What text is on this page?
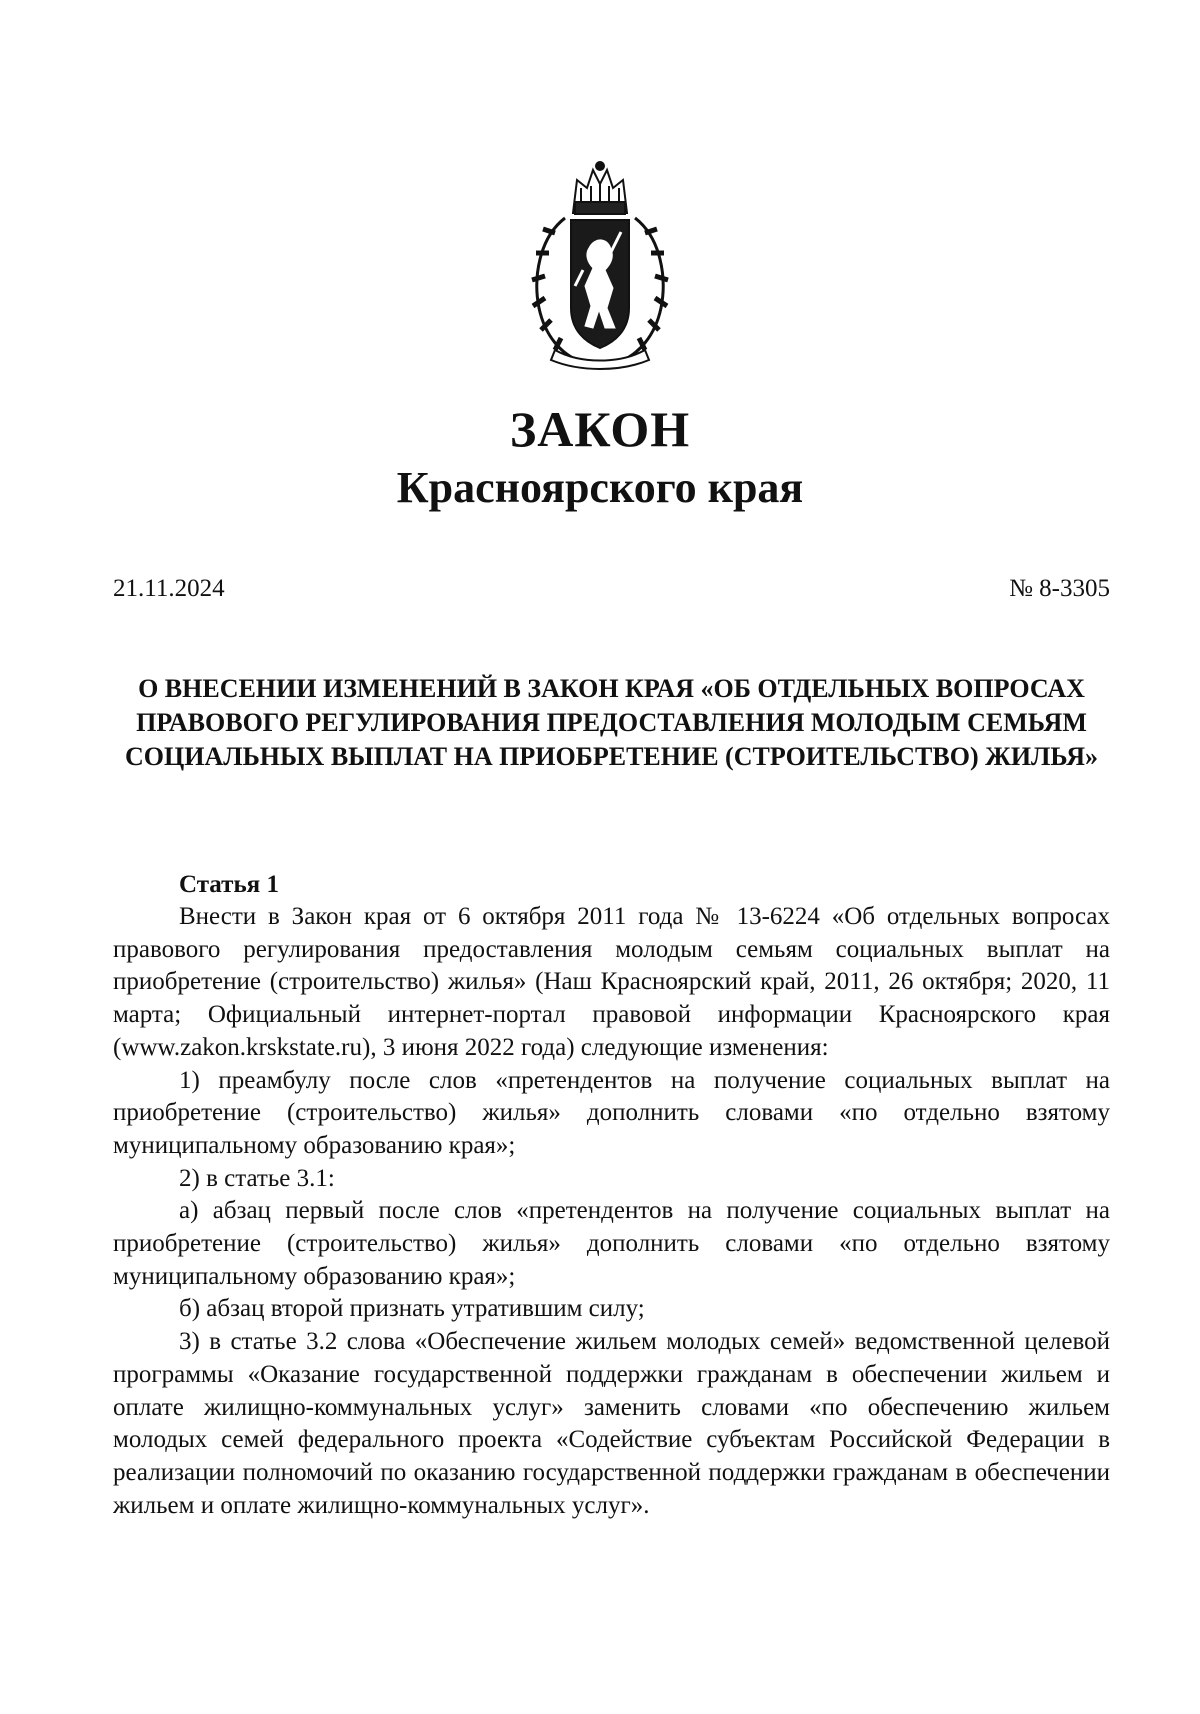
ЗАКОН
Красноярского края
21.11.2024	№ 8-3305

О ВНЕСЕНИИ ИЗМЕНЕНИЙ В ЗАКОН КРАЯ «ОБ ОТДЕЛЬНЫХ ВОПРОСАХ ПРАВОВОГО РЕГУЛИРОВАНИЯ ПРЕДОСТАВЛЕНИЯ МОЛОДЫМ СЕМЬЯМ СОЦИАЛЬНЫХ ВЫПЛАТ НА ПРИОБРЕТЕНИЕ (СТРОИТЕЛЬСТВО) ЖИЛЬЯ»

Статья 1

Внести в Закон края от 6 октября 2011 года № 13-6224 «Об отдельных вопросах правового регулирования предоставления молодым семьям социальных выплат на приобретение (строительство) жилья» (Наш Красноярский край, 2011, 26 октября; 2020, 11 марта; Официальный интернет-портал правовой информации Красноярского края (www.zakon.krskstate.ru), 3 июня 2022 года) следующие изменения:

1) преамбулу после слов «претендентов на получение социальных выплат на приобретение (строительство) жилья» дополнить словами «по отдельно взятому муниципальному образованию края»;

2) в статье 3.1:

а) абзац первый после слов «претендентов на получение социальных выплат на приобретение (строительство) жилья» дополнить словами «по отдельно взятому муниципальному образованию края»;

б) абзац второй признать утратившим силу;

3) в статье 3.2 слова «Обеспечение жильем молодых семей» ведомственной целевой программы «Оказание государственной поддержки гражданам в обеспечении жильем и оплате жилищно-коммунальных услуг» заменить словами «по обеспечению жильем молодых семей федерального проекта «Содействие субъектам Российской Федерации в реализации полномочий по оказанию государственной поддержки гражданам в обеспечении жильем и оплате жилищно-коммунальных услуг».
